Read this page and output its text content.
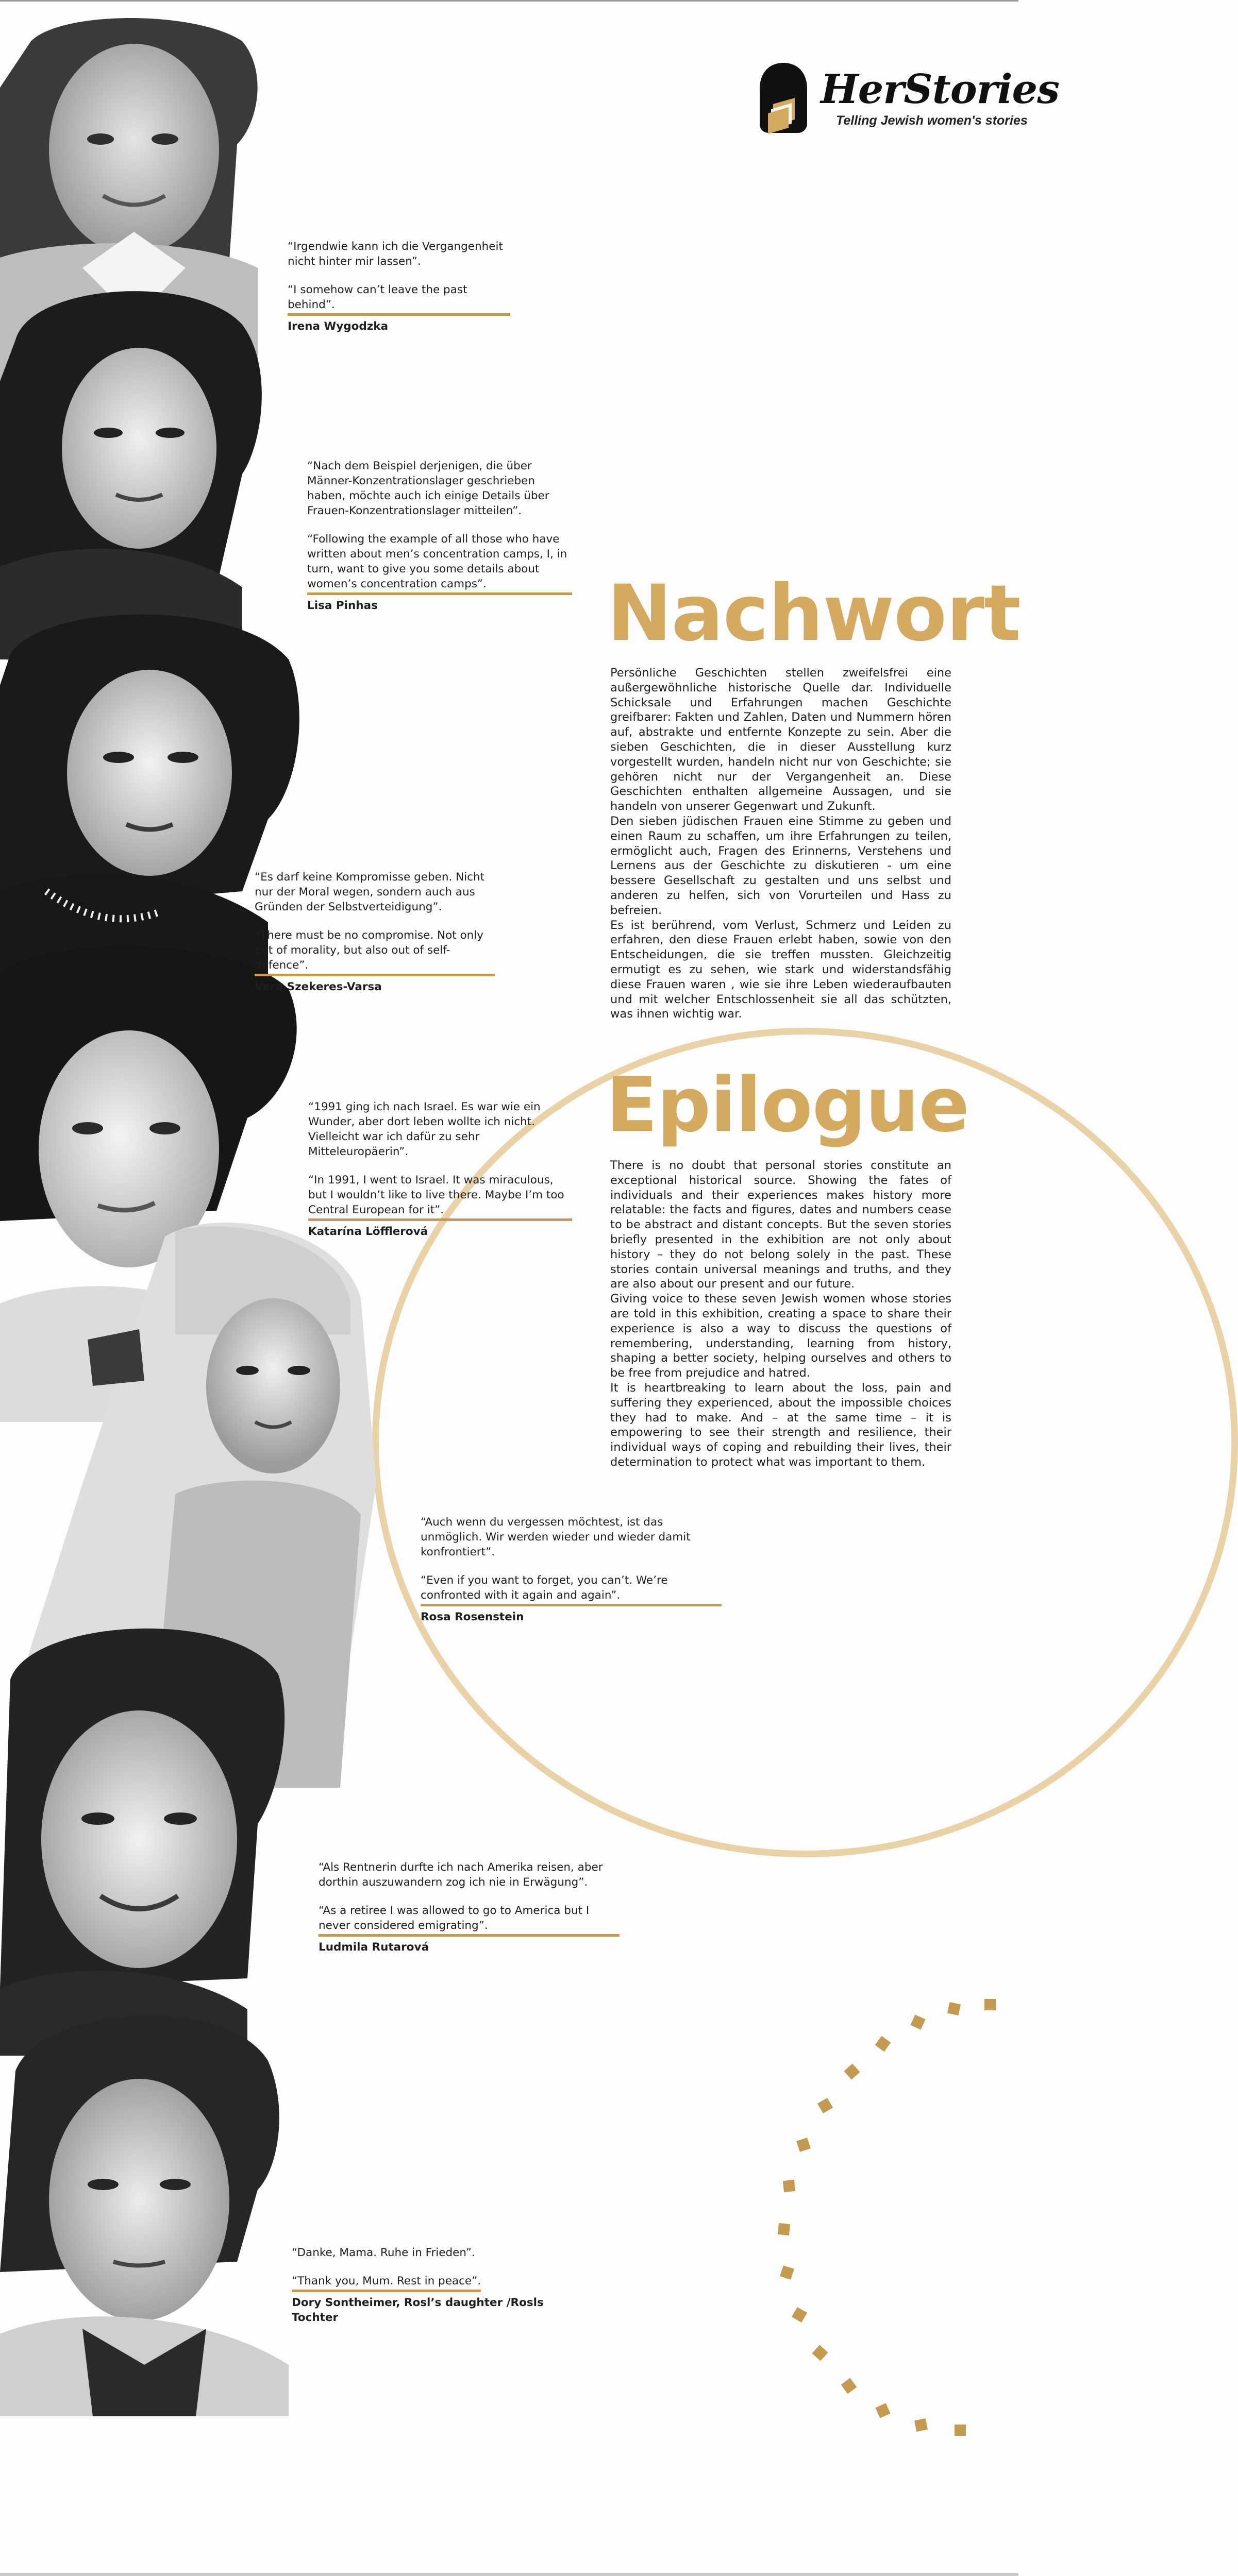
HerStories
Telling Jewish women's stories

“Irgendwie kann ich die Vergangenheit nicht hinter mir lassen”.

“I somehow can’t leave the past behind”.

Irena Wygodzka

“Nach dem Beispiel derjenigen, die über Männer-Konzentrationslager geschrieben haben, möchte auch ich einige Details über Frauen-Konzentrationslager mitteilen”.

“Following the example of all those who have written about men’s concentration camps, I, in turn, want to give you some details about women’s concentration camps”.

Lisa Pinhas

“Es darf keine Kompromisse geben. Nicht nur der Moral wegen, sondern auch aus Gründen der Selbstverteidigung”.

“There must be no compromise. Not only out of morality, but also out of self-defence”.

Vera Szekeres-Varsa

“1991 ging ich nach Israel. Es war wie ein Wunder, aber dort leben wollte ich nicht. Vielleicht war ich dafür zu sehr Mitteleuropäerin”.

“In 1991, I went to Israel. It was miraculous, but I wouldn’t like to live there. Maybe I’m too Central European for it”.

Katarína Löfflerová

“Auch wenn du vergessen möchtest, ist das unmöglich. Wir werden wieder und wieder damit konfrontiert”.

“Even if you want to forget, you can’t. We’re confronted with it again and again”.

Rosa Rosenstein

“Als Rentnerin durfte ich nach Amerika reisen, aber dorthin auszuwandern zog ich nie in Erwägung”.

“As a retiree I was allowed to go to America but I never considered emigrating”.

Ludmila Rutarová

“Danke, Mama. Ruhe in Frieden”.

“Thank you, Mum. Rest in peace”.

Dory Sontheimer, Rosl’s daughter /Rosls Tochter

Nachwort

Persönliche Geschichten stellen zweifelsfrei eine außergewöhnliche historische Quelle dar. Individuelle Schicksale und Erfahrungen machen Geschichte greifbarer: Fakten und Zahlen, Daten und Nummern hören auf, abstrakte und entfernte Konzepte zu sein. Aber die sieben Geschichten, die in dieser Ausstellung kurz vorgestellt wurden, handeln nicht nur von Geschichte; sie gehören nicht nur der Vergangenheit an. Diese Geschichten enthalten allgemeine Aussagen, und sie handeln von unserer Gegenwart und Zukunft.

Den sieben jüdischen Frauen eine Stimme zu geben und einen Raum zu schaffen, um ihre Erfahrungen zu teilen, ermöglicht auch, Fragen des Erinnerns, Verstehens und Lernens aus der Geschichte zu diskutieren - um eine bessere Gesellschaft zu gestalten und uns selbst und anderen zu helfen, sich von Vorurteilen und Hass zu befreien.

Es ist berührend, vom Verlust, Schmerz und Leiden zu erfahren, den diese Frauen erlebt haben, sowie von den Entscheidungen, die sie treffen mussten. Gleichzeitig ermutigt es zu sehen, wie stark und widerstandsfähig diese Frauen waren , wie sie ihre Leben wiederaufbauten und mit welcher Entschlossenheit sie all das schützten, was ihnen wichtig war.

Epilogue

There is no doubt that personal stories constitute an exceptional historical source. Showing the fates of individuals and their experiences makes history more relatable: the facts and figures, dates and numbers cease to be abstract and distant concepts. But the seven stories briefly presented in the exhibition are not only about history – they do not belong solely in the past. These stories contain universal meanings and truths, and they are also about our present and our future.

Giving voice to these seven Jewish women whose stories are told in this exhibition, creating a space to share their experience is also a way to discuss the questions of remembering, understanding, learning from history, shaping a better society, helping ourselves and others to be free from prejudice and hatred.

It is heartbreaking to learn about the loss, pain and suffering they experienced, about the impossible choices they had to make. And – at the same time – it is empowering to see their strength and resilience, their individual ways of coping and rebuilding their lives, their determination to protect what was important to them.
